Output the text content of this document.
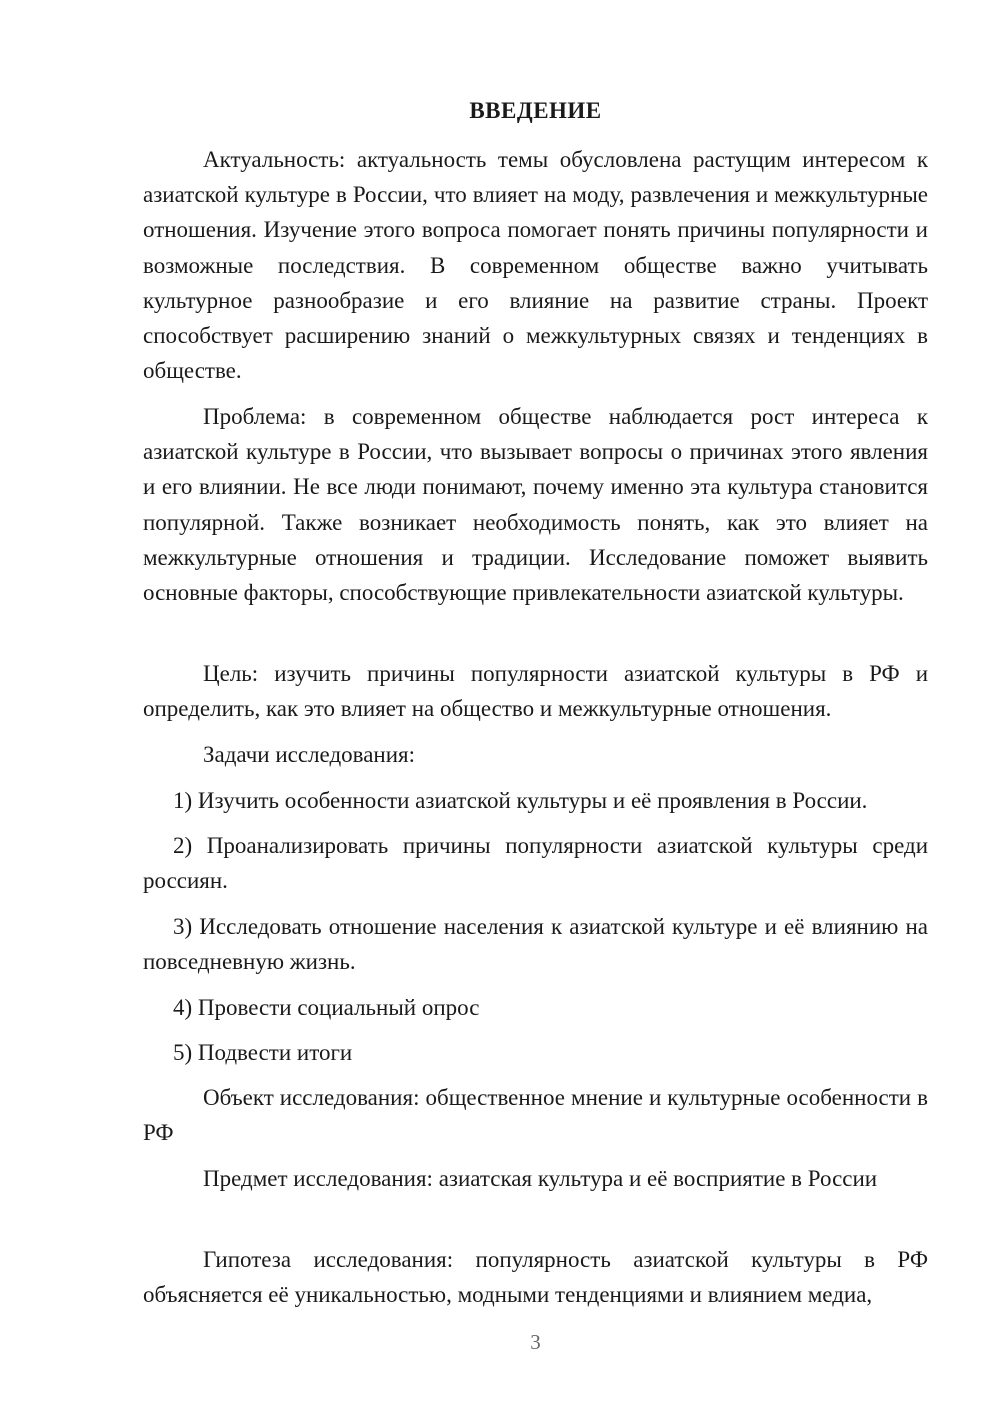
ВВЕДЕНИЕ

Актуальность: актуальность темы обусловлена растущим интересом к азиатской культуре в России, что влияет на моду, развлечения и межкультурные отношения. Изучение этого вопроса помогает понять причины популярности и возможные последствия. В современном обществе важно учитывать культурное разнообразие и его влияние на развитие страны. Проект способствует расширению знаний о межкультурных связях и тенденциях в обществе.

Проблема: в современном обществе наблюдается рост интереса к азиатской культуре в России, что вызывает вопросы о причинах этого явления и его влиянии. Не все люди понимают, почему именно эта культура становится популярной. Также возникает необходимость понять, как это влияет на межкультурные отношения и традиции. Исследование поможет выявить основные факторы, способствующие привлекательности азиатской культуры.

Цель: изучить причины популярности азиатской культуры в РФ и определить, как это влияет на общество и межкультурные отношения.

Задачи исследования:

1) Изучить особенности азиатской культуры и её проявления в России.

2) Проанализировать причины популярности азиатской культуры среди россиян.

3) Исследовать отношение населения к азиатской культуре и её влиянию на повседневную жизнь.

4) Провести социальный опрос

5) Подвести итоги

Объект исследования: общественное мнение и культурные особенности в РФ

Предмет исследования: азиатская культура и её восприятие в России

Гипотеза исследования: популярность азиатской культуры в РФ объясняется её уникальностью, модными тенденциями и влиянием медиа,

3
